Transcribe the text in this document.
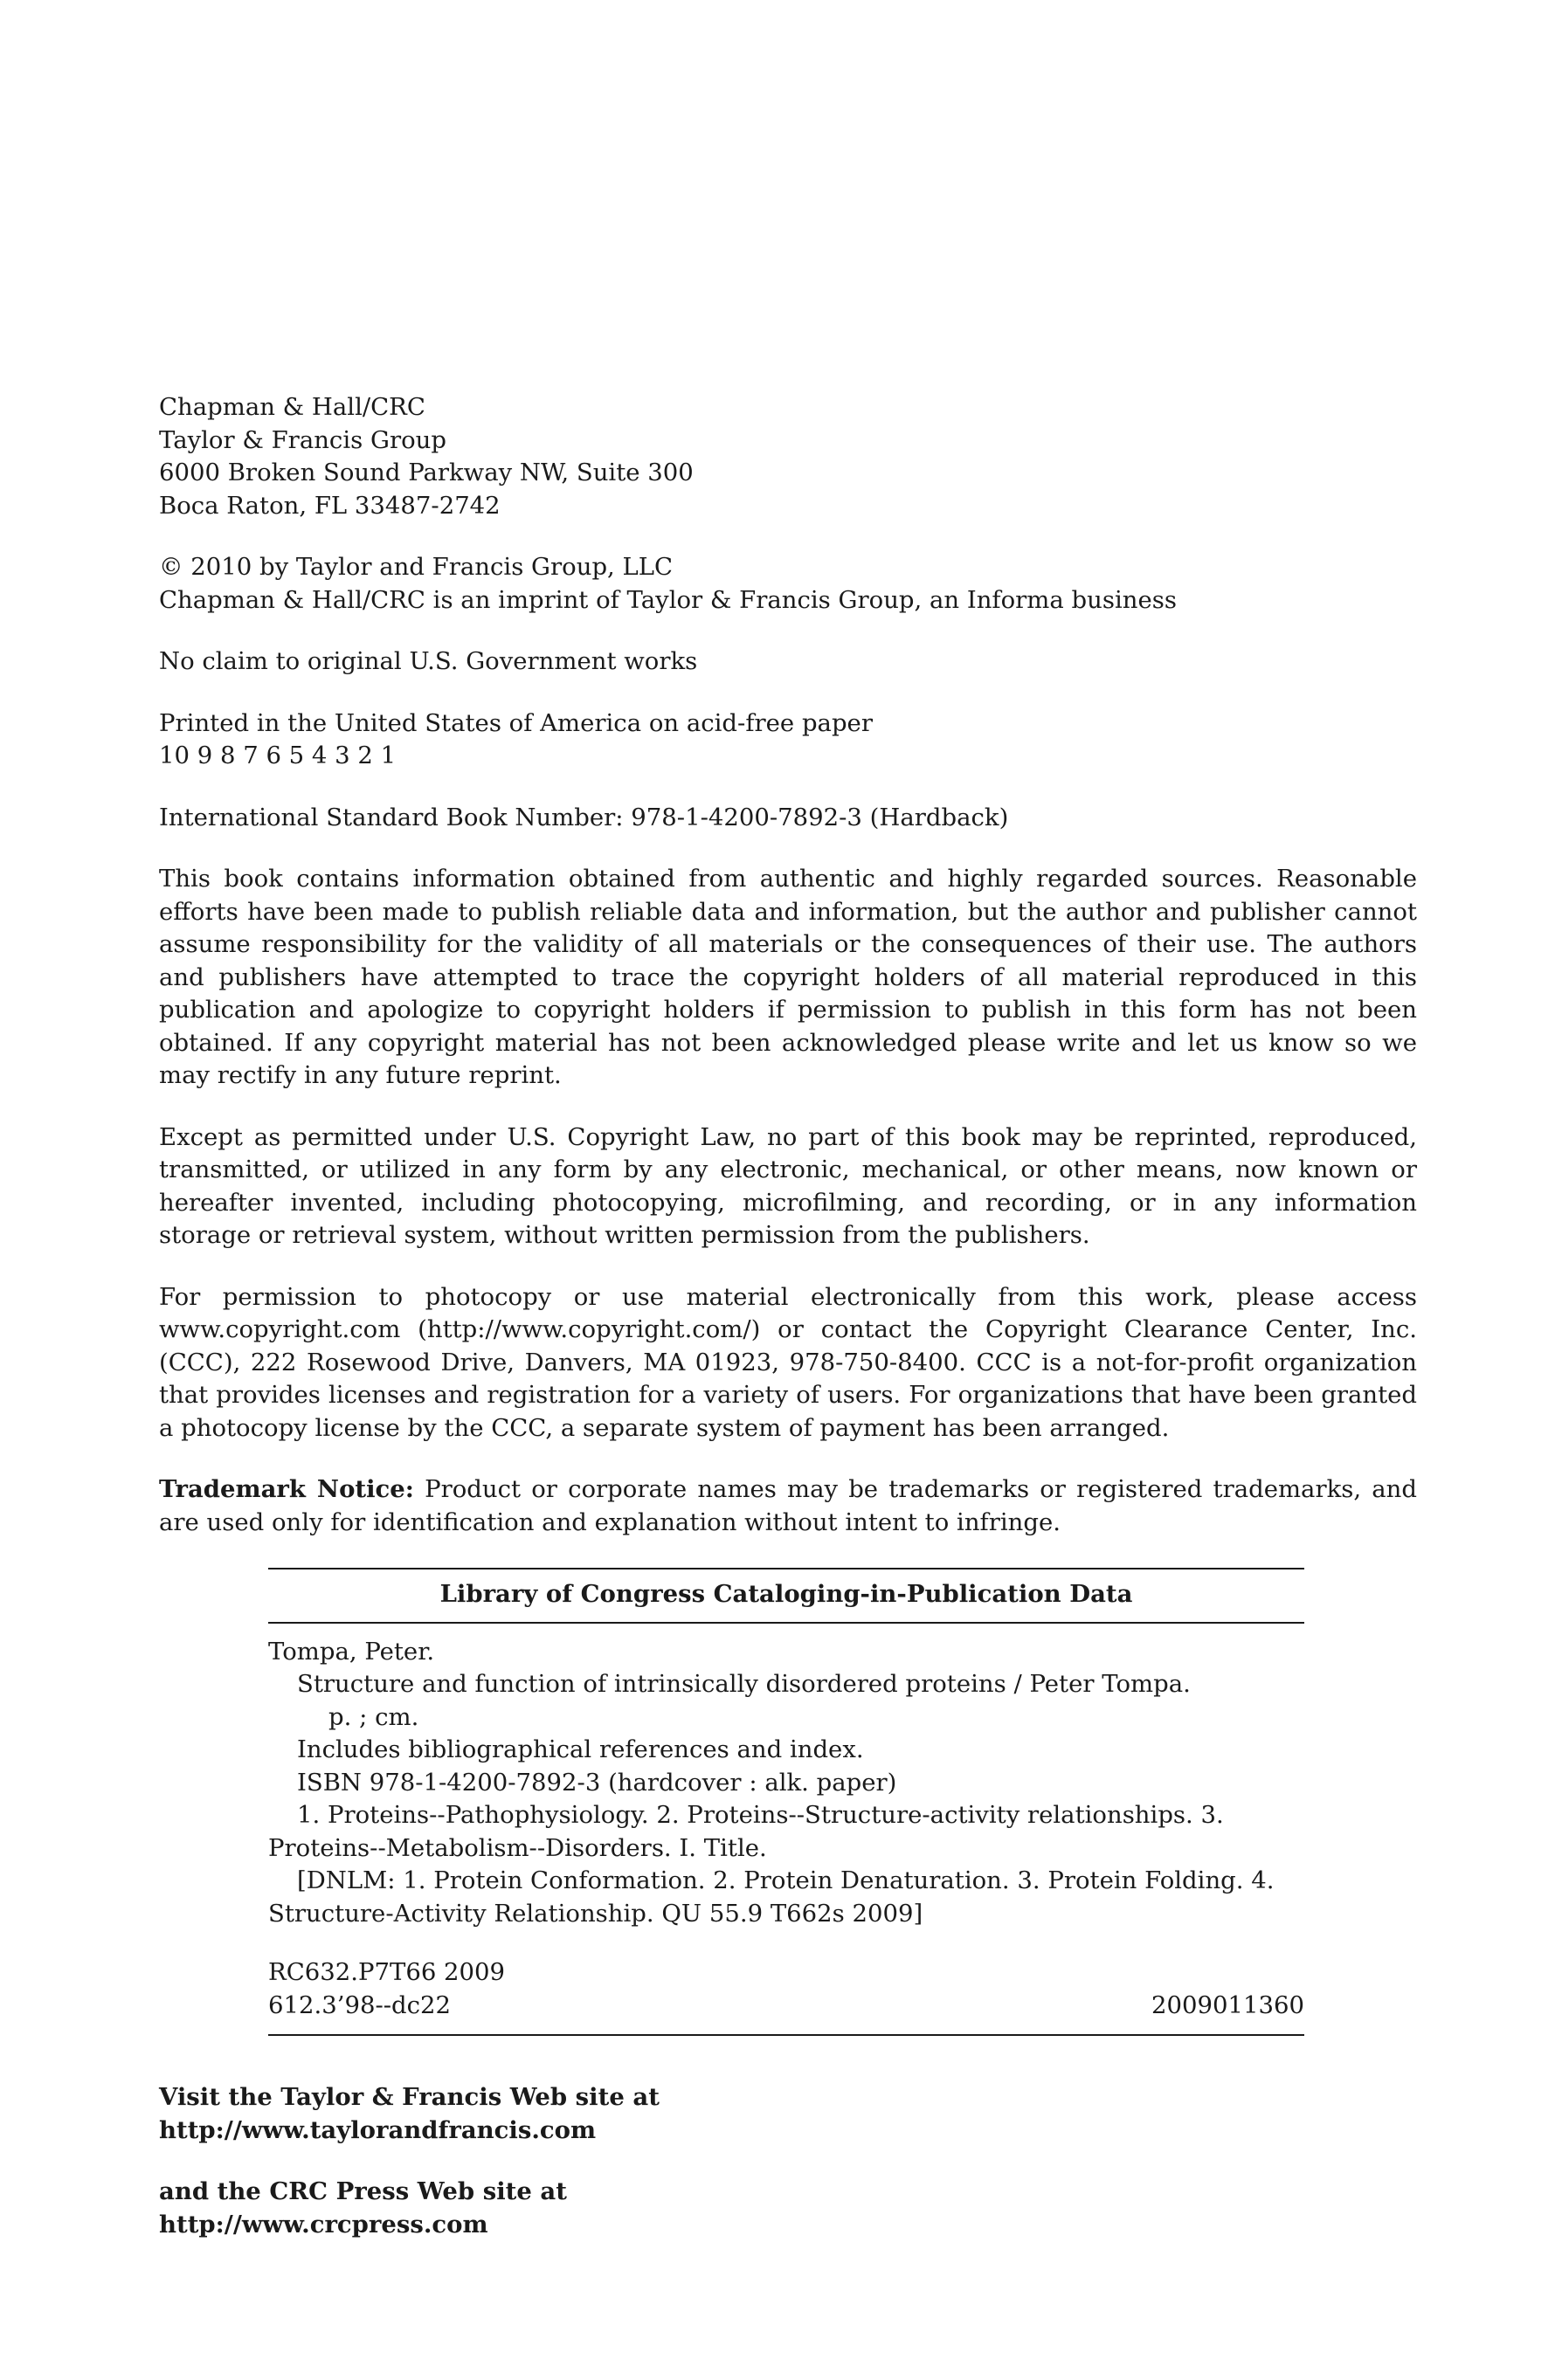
Chapman & Hall/CRC
Taylor & Francis Group
6000 Broken Sound Parkway NW, Suite 300
Boca Raton, FL 33487-2742
© 2010 by Taylor and Francis Group, LLC
Chapman & Hall/CRC is an imprint of Taylor & Francis Group, an Informa business
No claim to original U.S. Government works
Printed in the United States of America on acid-free paper
10 9 8 7 6 5 4 3 2 1
International Standard Book Number: 978-1-4200-7892-3 (Hardback)

This book contains information obtained from authentic and highly regarded sources. Reasonable efforts have been made to publish reliable data and information, but the author and publisher cannot assume responsibility for the validity of all materials or the consequences of their use. The authors and publishers have attempted to trace the copyright holders of all material reproduced in this publication and apologize to copyright holders if permission to publish in this form has not been obtained. If any copyright material has not been acknowledged please write and let us know so we may rectify in any future reprint.

Except as permitted under U.S. Copyright Law, no part of this book may be reprinted, reproduced, transmitted, or utilized in any form by any electronic, mechanical, or other means, now known or hereafter invented, including photocopying, microfilming, and recording, or in any information storage or retrieval system, without written permission from the publishers.

For permission to photocopy or use material electronically from this work, please access www.copyright.com (http://www.copyright.com/) or contact the Copyright Clearance Center, Inc. (CCC), 222 Rosewood Drive, Danvers, MA 01923, 978-750-8400. CCC is a not-for-profit organization that provides licenses and registration for a variety of users. For organizations that have been granted a photocopy license by the CCC, a separate system of payment has been arranged.

Trademark Notice: Product or corporate names may be trademarks or registered trademarks, and are used only for identification and explanation without intent to infringe.

Library of Congress Cataloging-in-Publication Data
Tompa, Peter.
Structure and function of intrinsically disordered proteins / Peter Tompa.
p. ; cm.
Includes bibliographical references and index.
ISBN 978-1-4200-7892-3 (hardcover : alk. paper)
1. Proteins--Pathophysiology. 2. Proteins--Structure-activity relationships. 3.
Proteins--Metabolism--Disorders. I. Title.
[DNLM: 1. Protein Conformation. 2. Protein Denaturation. 3. Protein Folding. 4.
Structure-Activity Relationship. QU 55.9 T662s 2009]
RC632.P7T66 2009
612.3’98--dc22	2009011360
Visit the Taylor & Francis Web site at
http://www.taylorandfrancis.com
and the CRC Press Web site at
http://www.crcpress.com
